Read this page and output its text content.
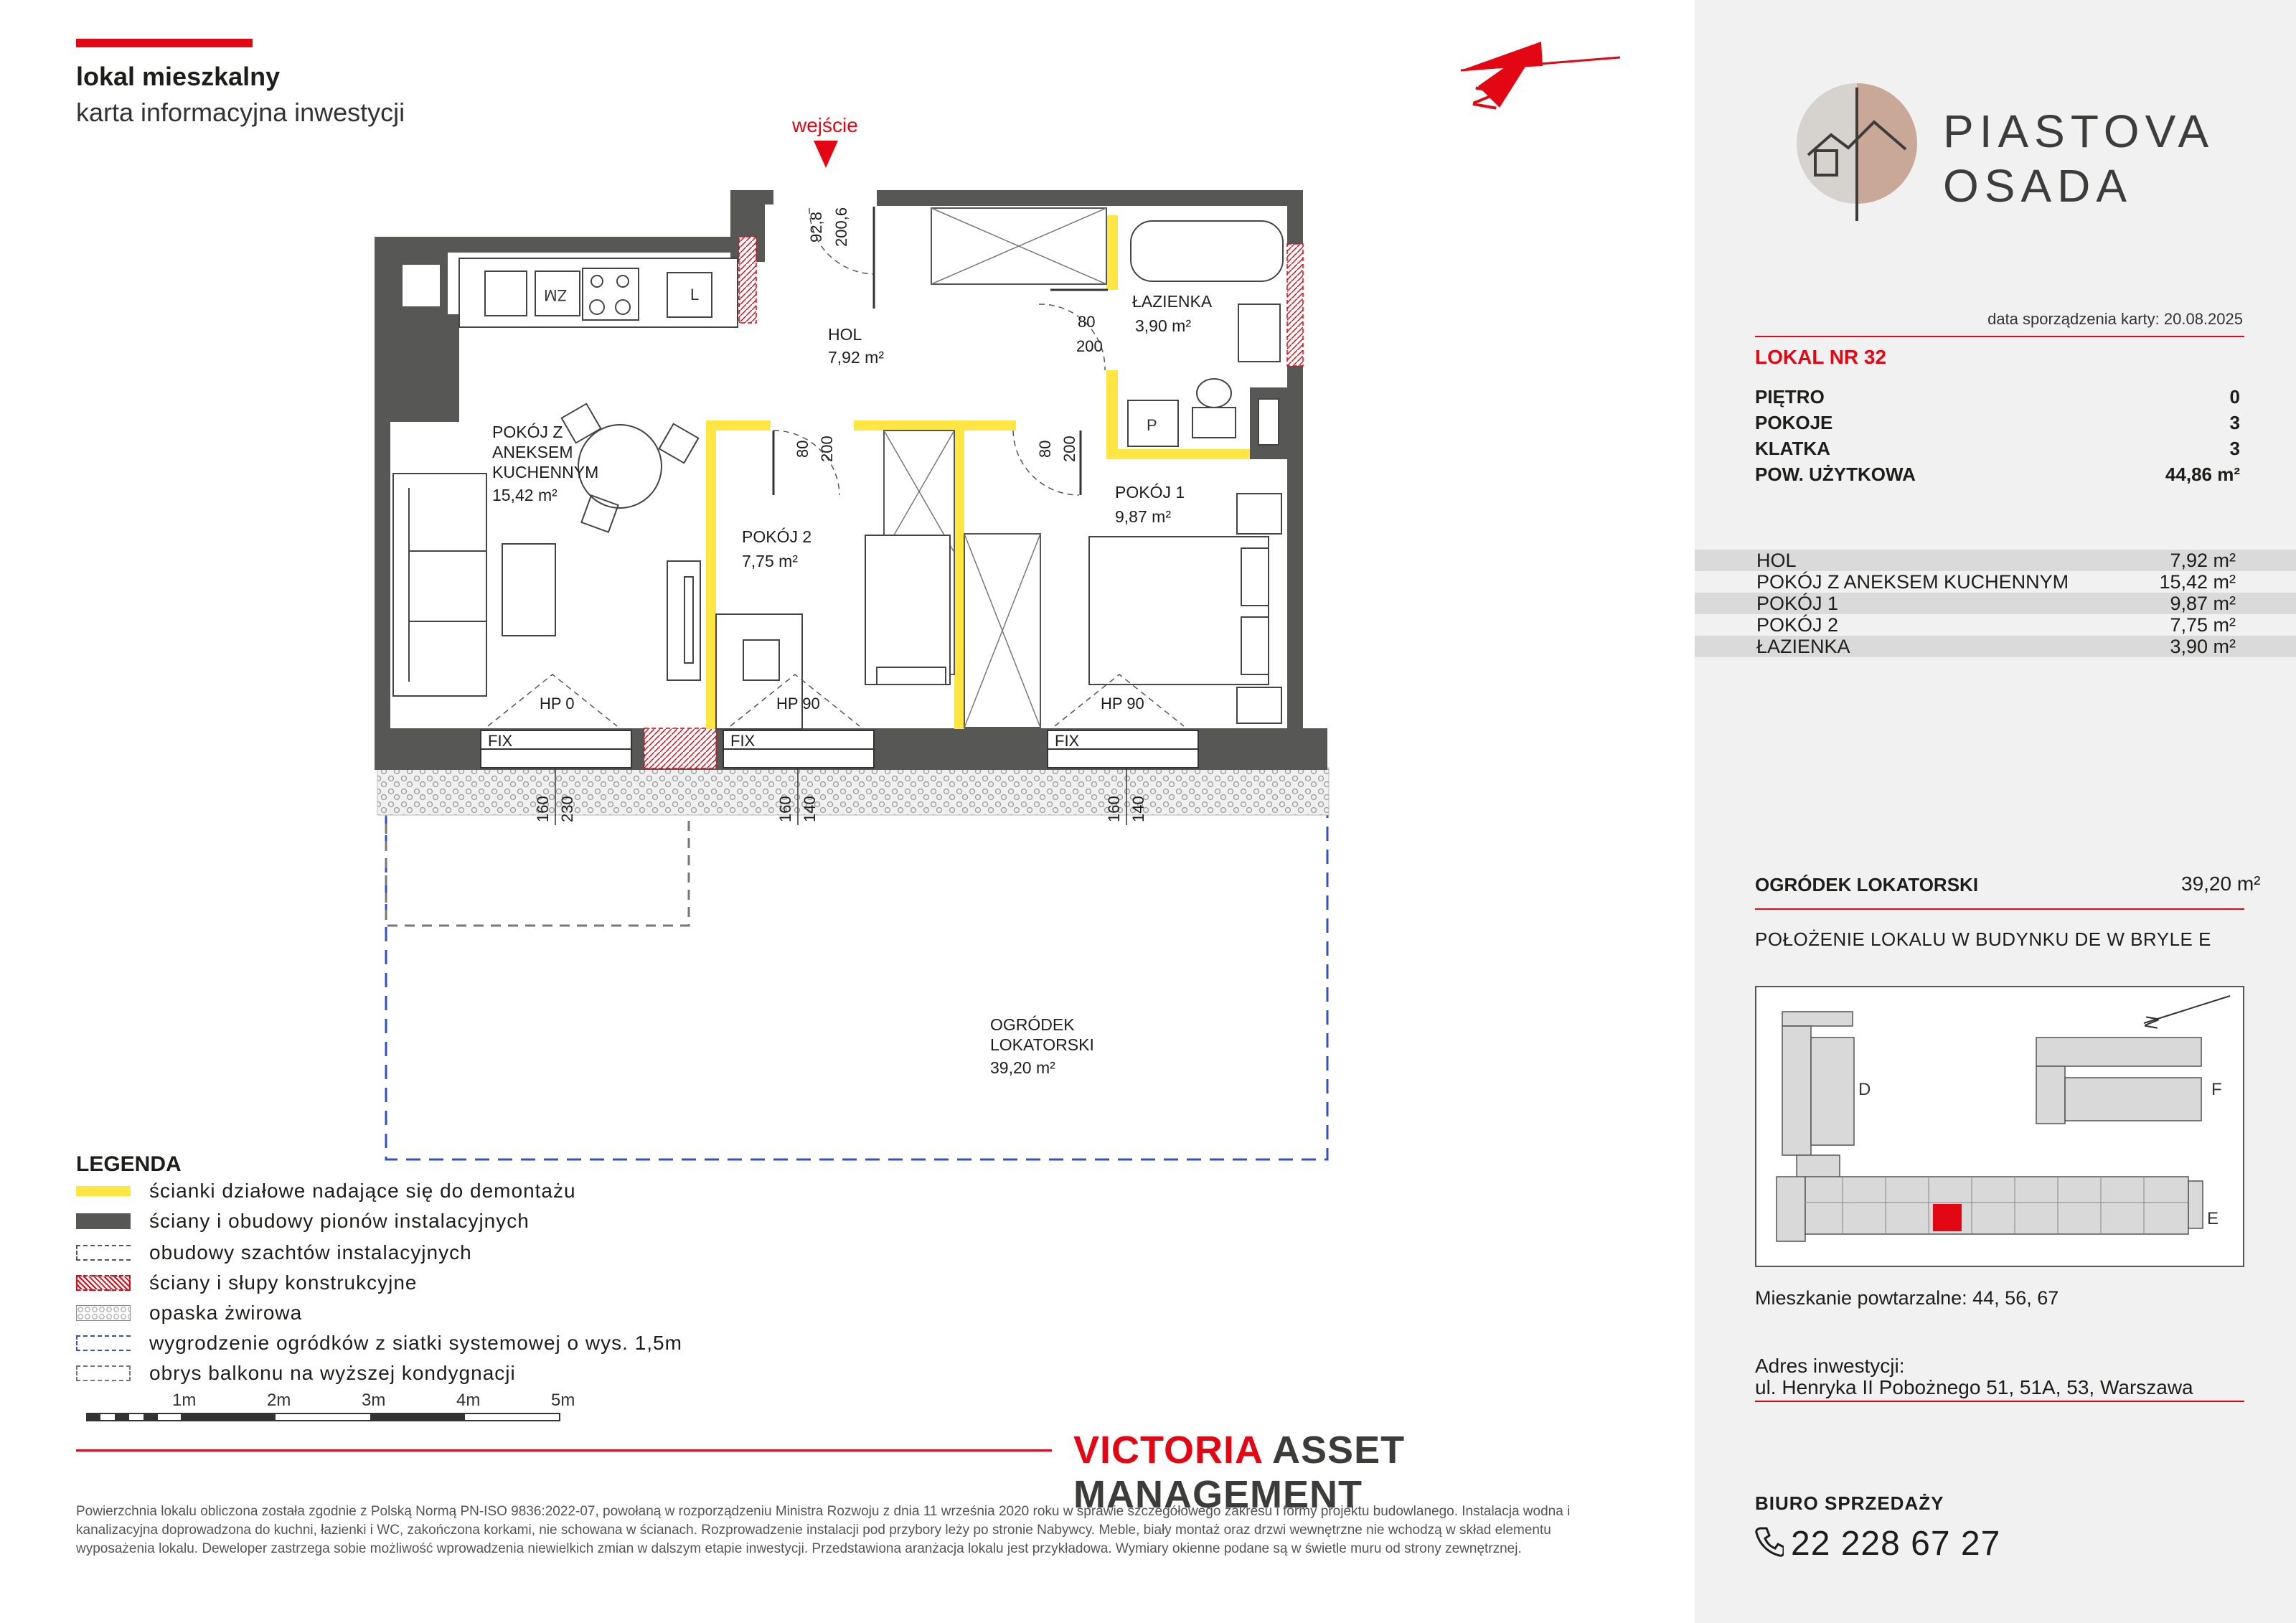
lokal mieszkalny
karta informacyjna inwestycji	N
wejście
ZM	L
P
HOL
7,92 m²
ŁAZIENKA
3,90 m²
POKÓJ Z
ANEKSEM
KUCHENNYM
15,42 m²
POKÓJ 2
7,75 m²
POKÓJ 1
9,87 m²
OGRÓDEK
LOKATORSKI
39,20 m²
92,8 200,6
80
200
80 200	80 200
HP 0	HP 90	HP 90
FIX	FIX	FIX
160 230	160 140	160 140
LEGENDA
ścianki działowe nadające się do demontażu
ściany i obudowy pionów instalacyjnych
obudowy szachtów instalacyjnych
ściany i słupy konstrukcyjne
opaska żwirowa
wygrodzenie ogródków z siatki systemowej o wys. 1,5m
obrys balkonu na wyższej kondygnacji
1m	2m	3m	4m	5m
VICTORIA ASSET MANAGEMENT
Powierzchnia lokalu obliczona została zgodnie z Polską Normą PN-ISO 9836:2022-07, powołaną w rozporządzeniu Ministra Rozwoju z dnia 11 września 2020 roku w sprawie szczegółowego zakresu i formy projektu budowlanego. Instalacja wodna i kanalizacyjna doprowadzona do kuchni, łazienki i WC, zakończona korkami, nie schowana w ścianach. Rozprowadzenie instalacji pod przybory leży po stronie Nabywcy. Meble, biały montaż oraz drzwi wewnętrzne nie wchodzą w skład elementu wyposażenia lokalu. Deweloper zastrzega sobie możliwość wprowadzenia niewielkich zmian w dalszym etapie inwestycji. Przedstawiona aranżacja lokalu jest przykładowa. Wymiary okienne podane są w świetle muru od strony zewnętrznej.
PIASTOVA
OSADA
data sporządzenia karty: 20.08.2025
LOKAL NR 32
PIĘTRO	0
POKOJE	3
KLATKA	3
POW. UŻYTKOWA	44,86 m²
HOL	7,92 m²
POKÓJ Z ANEKSEM KUCHENNYM	15,42 m²
POKÓJ 1	9,87 m²
POKÓJ 2	7,75 m²
ŁAZIENKA	3,90 m²
OGRÓDEK LOKATORSKI	39,20 m²
POŁOŻENIE LOKALU W BUDYNKU DE W BRYLE E
D	F
E
N
Mieszkanie powtarzalne: 44, 56, 67
Adres inwestycji:
ul. Henryka II Pobożnego 51, 51A, 53, Warszawa
BIURO SPRZEDAŻY
22 228 67 27
